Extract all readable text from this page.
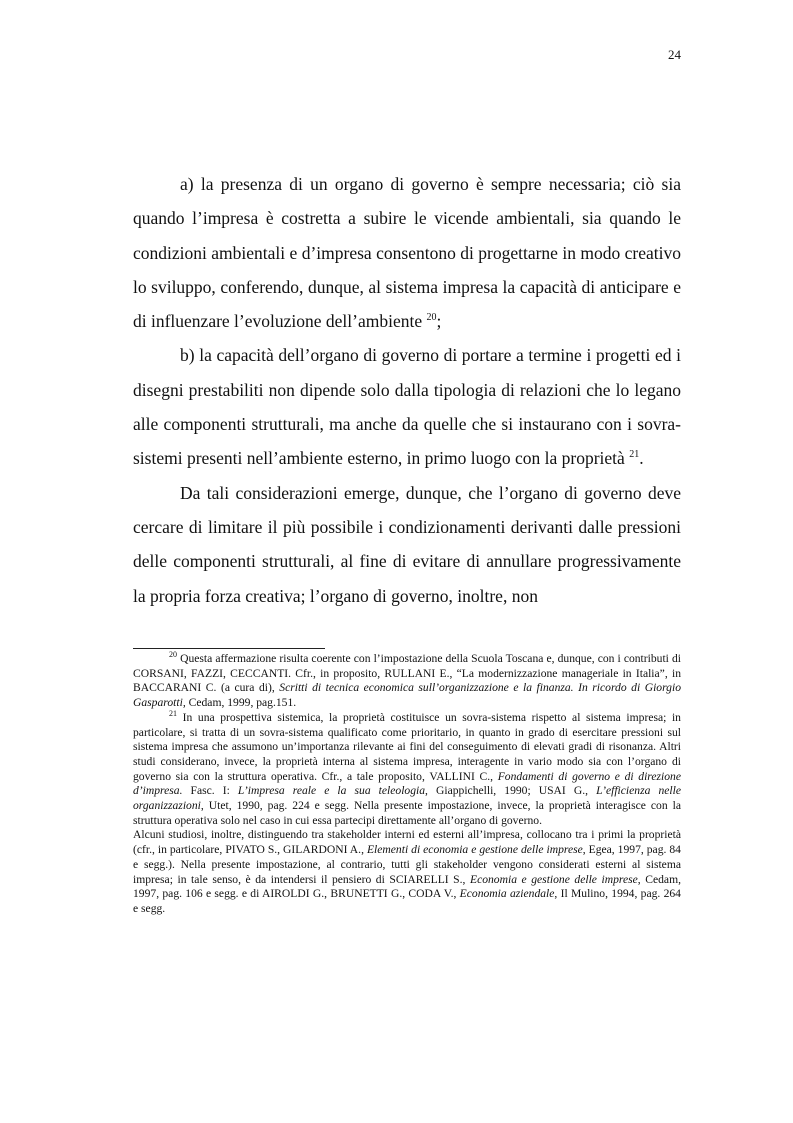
24

a) la presenza di un organo di governo è sempre necessaria; ciò sia quando l’impresa è costretta a subire le vicende ambientali, sia quando le condizioni ambientali e d’impresa consentono di progettarne in modo creativo lo sviluppo, conferendo, dunque, al sistema impresa la capacità di anticipare e di influenzare l’evoluzione dell’ambiente $^{20}$;

b) la capacità dell’organo di governo di portare a termine i progetti ed i disegni prestabiliti non dipende solo dalla tipologia di relazioni che lo legano alle componenti strutturali, ma anche da quelle che si instaurano con i sovra-sistemi presenti nell’ambiente esterno, in primo luogo con la proprietà $^{21}$.

Da tali considerazioni emerge, dunque, che l’organo di governo deve cercare di limitare il più possibile i condizionamenti derivanti dalle pressioni delle componenti strutturali, al fine di evitare di annullare progressivamente la propria forza creativa; l’organo di governo, inoltre, non

$^{20}$ Questa affermazione risulta coerente con l’impostazione della Scuola Toscana e, dunque, con i contributi di CORSANI, FAZZI, CECCANTI. Cfr., in proposito, RULLANI E., “La modernizzazione manageriale in Italia”, in BACCARANI C. (a cura di), Scritti di tecnica economica sull’organizzazione e la finanza. In ricordo di Giorgio Gasparotti, Cedam, 1999, pag.151.

$^{21}$ In una prospettiva sistemica, la proprietà costituisce un sovra-sistema rispetto al sistema impresa; in particolare, si tratta di un sovra-sistema qualificato come prioritario, in quanto in grado di esercitare pressioni sul sistema impresa che assumono un’importanza rilevante ai fini del conseguimento di elevati gradi di risonanza. Altri studi considerano, invece, la proprietà interna al sistema impresa, interagente in vario modo sia con l’organo di governo sia con la struttura operativa. Cfr., a tale proposito, VALLINI C., Fondamenti di governo e di direzione d’impresa. Fasc. I: L’impresa reale e la sua teleologia, Giappichelli, 1990; USAI G., L’efficienza nelle organizzazioni, Utet, 1990, pag. 224 e segg. Nella presente impostazione, invece, la proprietà interagisce con la struttura operativa solo nel caso in cui essa partecipi direttamente all’organo di governo.

Alcuni studiosi, inoltre, distinguendo tra stakeholder interni ed esterni all’impresa, collocano tra i primi la proprietà (cfr., in particolare, PIVATO S., GILARDONI A., Elementi di economia e gestione delle imprese, Egea, 1997, pag. 84 e segg.). Nella presente impostazione, al contrario, tutti gli stakeholder vengono considerati esterni al sistema impresa; in tale senso, è da intendersi il pensiero di SCIARELLI S., Economia e gestione delle imprese, Cedam, 1997, pag. 106 e segg. e di AIROLDI G., BRUNETTI G., CODA V., Economia aziendale, Il Mulino, 1994, pag. 264 e segg.
